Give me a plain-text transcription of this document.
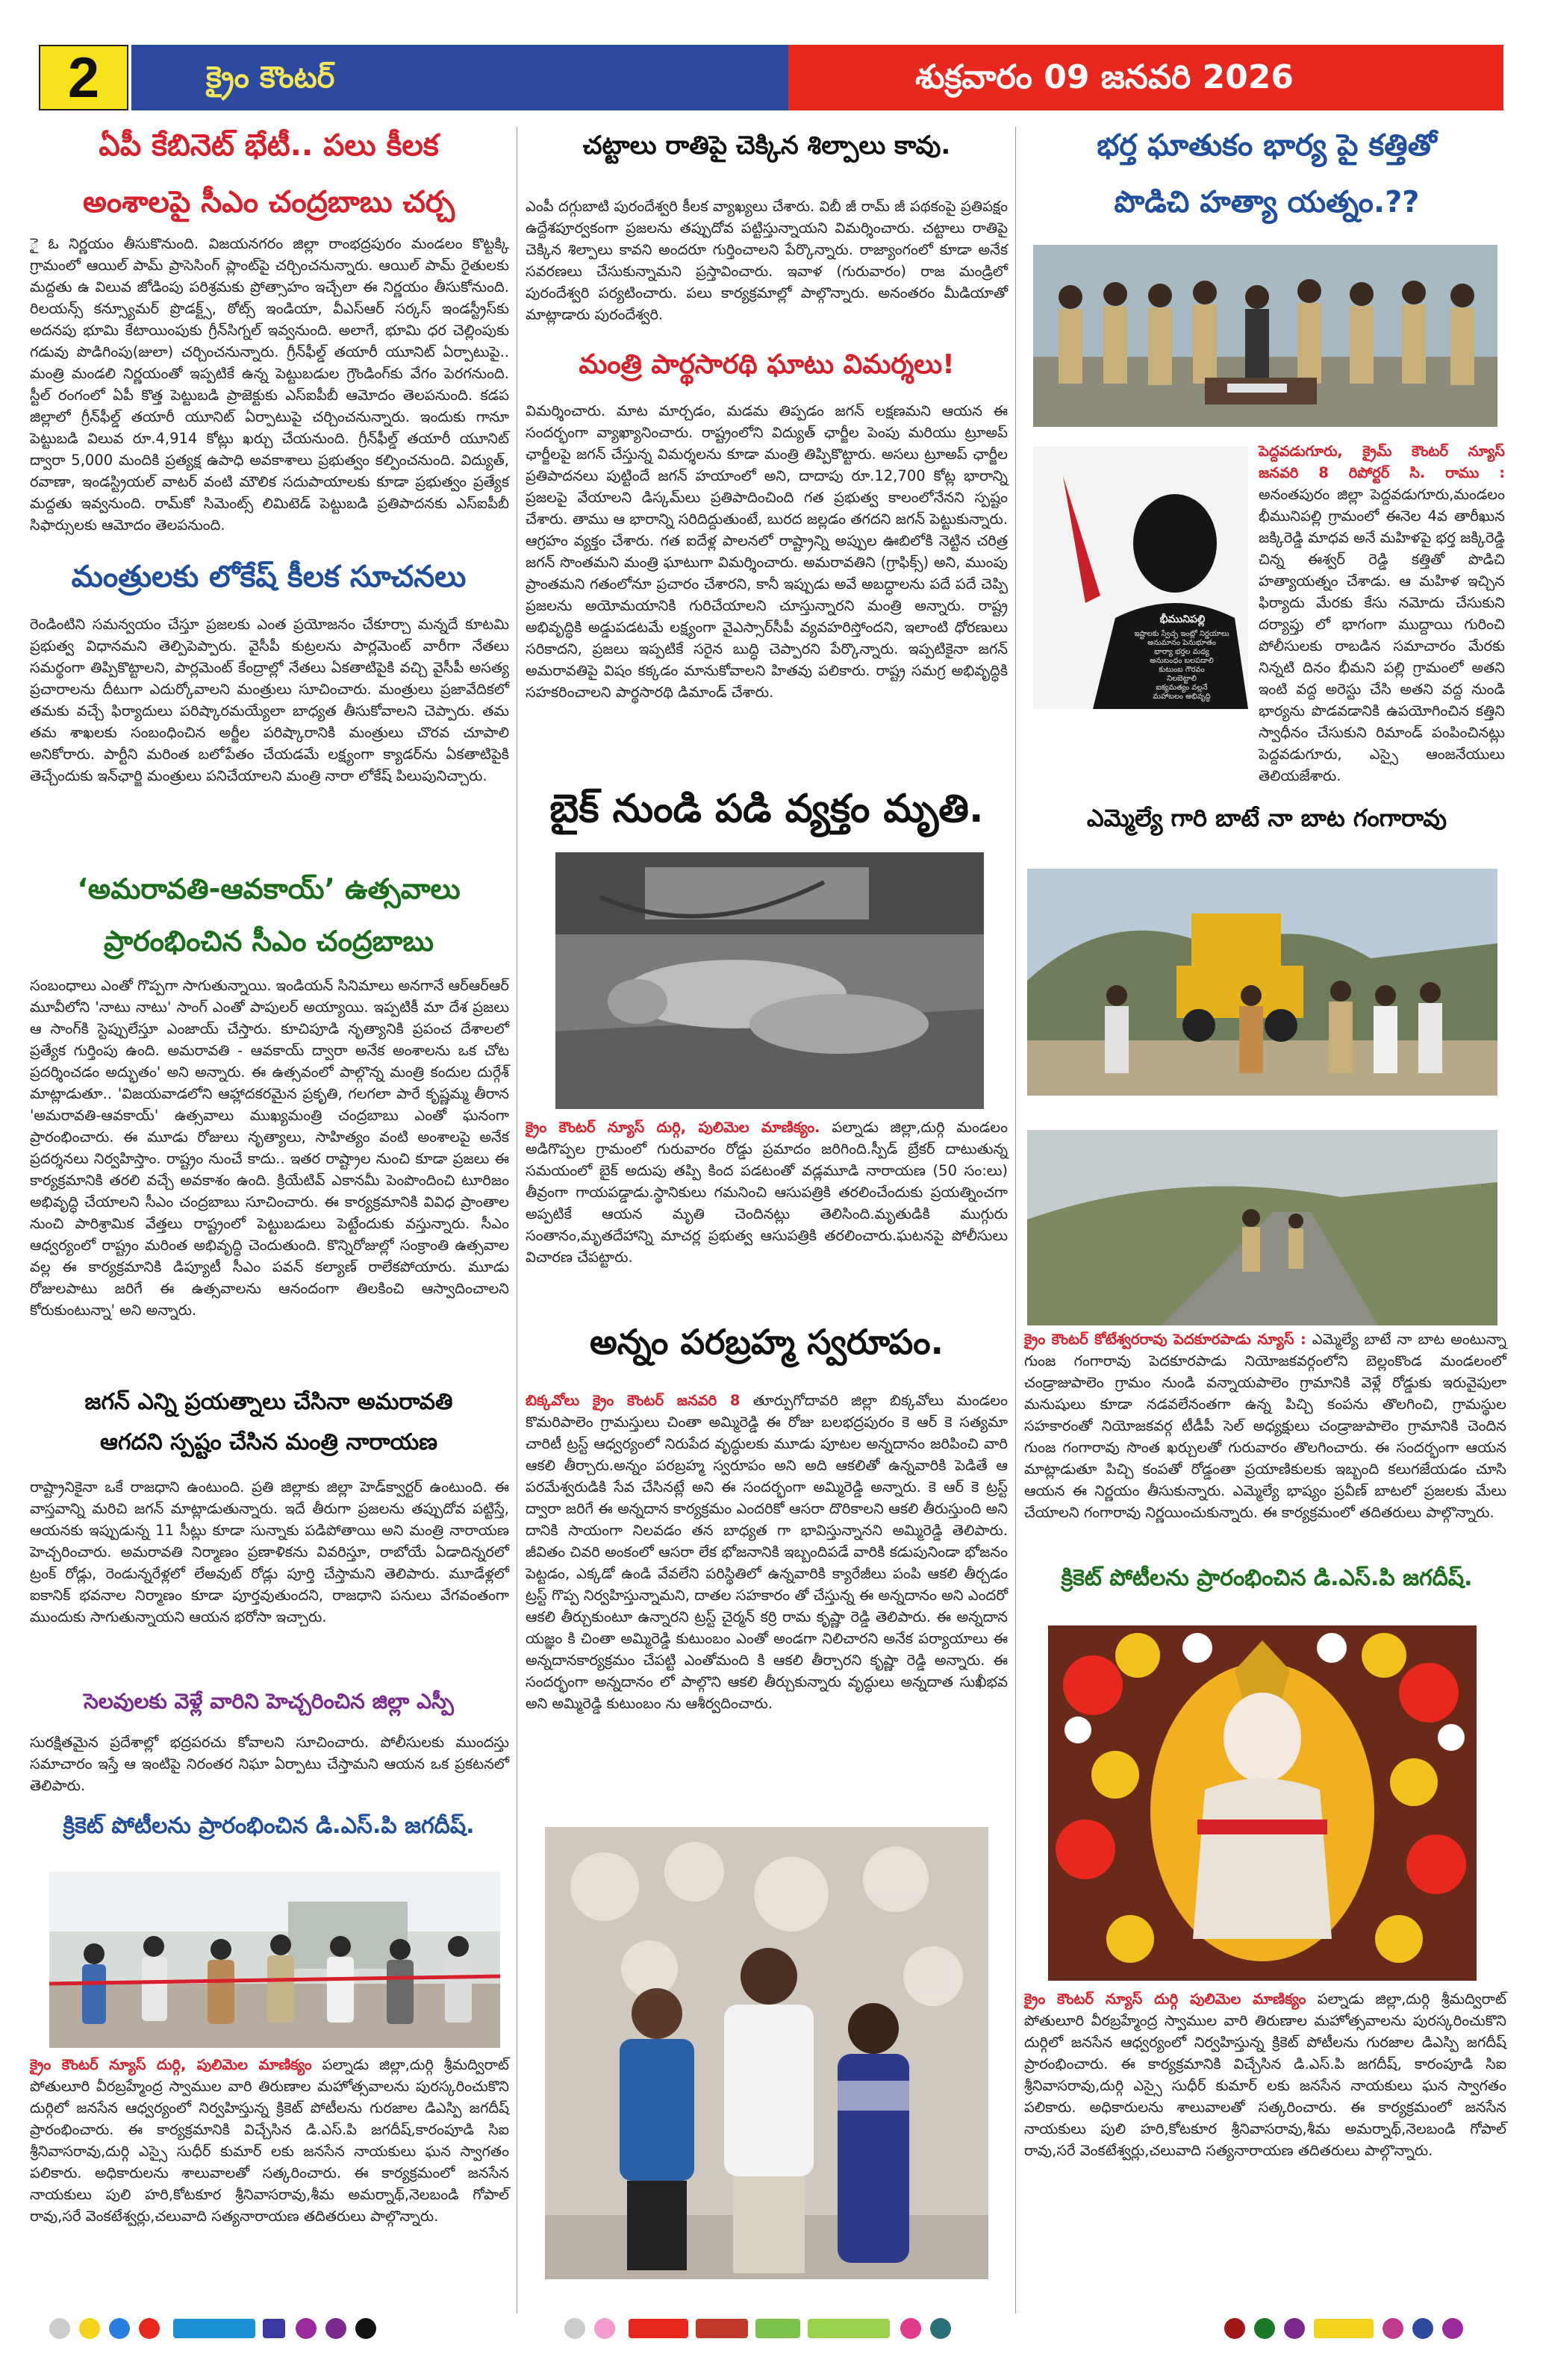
2	క్రైం కౌంటర్	శుక్రవారం 09 జనవరి 2026
ఏపీ కేబినెట్ భేటీ.. పలు కీలక
అంశాలపై సీఎం చంద్రబాబు చర్చ
ై ఓ నిర్ణయం తీసుకొనుంది. విజయనగరం జిల్లా రాంభద్రపురం మండలం కొట్టక్కి గ్రామంలో ఆయిల్ పామ్ ప్రాసెసింగ్ ప్లాంట్‌పై చర్చించనున్నారు. ఆయిల్ పామ్ రైతులకు మద్దతు ఉ విలువ జోడింపు పరిశ్రమకు ప్రోత్సాహం ఇచ్చేలా ఈ నిర్ణయం తీసుకోనుంది. రిలయన్స్ కన్స్యూమర్ ప్రొడక్ట్స్, ఠోట్స్ ఇండియా, వీఎస్‌ఆర్ సర్కస్ ఇండస్ట్రీస్‌కు అదనపు భూమి కేటాయింపుకు గ్రీన్‌సిగ్నల్ ఇవ్వనుంది. అలాగే, భూమి ధర చెల్లింపుకు గడువు పొడిగింపు(జులా) చర్చించనున్నారు. గ్రీన్‌ఫీల్డ్ తయారీ యూనిట్ ఏర్పాటుపై.. మంత్రి మండలి నిర్ణయంతో ఇప్పటికే ఉన్న పెట్టుబడుల గ్రౌండింగ్‌కు వేగం పెరగనుంది. స్టీల్ రంగంలో ఏపీ కొత్త పెట్టుబడి ప్రాజెక్టుకు ఎస్‌ఐపీబీ ఆమోదం తెలపనుంది. కడప జిల్లాలో గ్రీన్‌ఫీల్డ్ తయారీ యూనిట్ ఏర్పాటుపై చర్చించనున్నారు. ఇందుకు గానూ పెట్టుబడి విలువ రూ.4,914 కోట్లు ఖర్చు చేయనుంది. గ్రీన్‌ఫీల్డ్ తయారీ యూనిట్ ద్వారా 5,000 మందికి ప్రత్యక్ష ఉపాధి అవకాశాలు ప్రభుత్వం కల్పించనుంది. విద్యుత్, రవాణా, ఇండస్ట్రియల్ వాటర్ వంటి మౌలిక సదుపాయాలకు కూడా ప్రభుత్వం ప్రత్యేక మద్దతు ఇవ్వనుంది. రామ్‌కో సిమెంట్స్ లిమిటెడ్ పెట్టుబడి ప్రతిపాదనకు ఎస్‌ఐపీబీ సిఫార్సులకు ఆమోదం తెలపనుంది.
మంత్రులకు లోకేష్ కీలక సూచనలు
రెండింటిని సమన్వయం చేస్తూ ప్రజలకు ఎంత ప్రయోజనం చేకూర్చా మన్నదే కూటమి ప్రభుత్వ విధానమని తెల్పిపెప్పారు. వైసీపీ కుట్రలను పార్లమెంట్ వారీగా నేతలు సమర్థంగా తిప్పికొట్టాలని, పార్లమెంట్ కేంద్రాల్లో నేతలు ఏకతాటిపైకి వచ్చి వైసీపీ అసత్య ప్రచారాలను దీటుగా ఎదుర్కోవాలని మంత్రులు సూచించారు. మంత్రులు ప్రజావేదికలో తమకు వచ్చే ఫిర్యాదులు పరిష్కారమయ్యేలా బాధ్యత తీసుకోవాలని చెప్పారు. తమ తమ శాఖలకు సంబంధించిన అర్జీల పరిష్కారానికి మంత్రులు చొరవ చూపాలి అనికోరారు. పార్టీని మరింత బలోపేతం చేయడమే లక్ష్యంగా క్యాడర్‌ను ఏకతాటిపైకి తెచ్చేందుకు ఇన్‌ఛార్జి మంత్రులు పనిచేయాలని మంత్రి నారా లోకేష్ పిలుపునిచ్చారు.
‘అమరావతి-ఆవకాయ్’ ఉత్సవాలు
ప్రారంభించిన సీఎం చంద్రబాబు
సంబంధాలు ఎంతో గొప్పగా సాగుతున్నాయి. ఇండియన్ సినిమాలు అనగానే ఆర్‌ఆర్‌ఆర్ మూవీలోని 'నాటు నాటు' సాంగ్ ఎంతో పాపులర్ అయ్యాయి. ఇప్పటికీ మా దేశ ప్రజలు ఆ సాంగ్‌కి స్టెప్పులేస్తూ ఎంజాయ్ చేస్తారు. కూచిపూడి నృత్యానికి ప్రపంచ దేశాలలో ప్రత్యేక గుర్తింపు ఉంది. అమరావతి - ఆవకాయ్ ద్వారా అనేక అంశాలను ఒక చోట ప్రదర్శించడం అద్భుతం' అని అన్నారు. ఈ ఉత్సవంలో పాల్గొన్న మంత్రి కందుల దుర్గేశ్ మాట్లాడుతూ.. 'విజయవాడలోని ఆహ్లాదకరమైన ప్రకృతి, గలగలా పారే కృష్ణమ్మ తీరాన 'అమరావతి-ఆవకాయ్' ఉత్సవాలు ముఖ్యమంత్రి చంద్రబాబు ఎంతో ఘనంగా ప్రారంభించారు. ఈ మూడు రోజులు నృత్యాలు, సాహిత్యం వంటి అంశాలపై అనేక ప్రదర్శనలు నిర్వహిస్తాం. రాష్ట్రం నుంచే కాదు.. ఇతర రాష్ట్రాల నుంచి కూడా ప్రజలు ఈ కార్యక్రమానికి తరలి వచ్చే అవకాశం ఉంది. క్రియేటివ్ ఎకానమీ పెంపొందించి టూరిజం అభివృద్ధి చేయాలని సీఎం చంద్రబాబు సూచించారు. ఈ కార్యక్రమానికి వివిధ ప్రాంతాల నుంచి పారిశ్రామిక వేత్తలు రాష్ట్రంలో పెట్టుబడులు పెట్టేందుకు వస్తున్నారు. సీఎం ఆధ్వర్యంలో రాష్ట్రం మరింత అభివృద్ధి చెందుతుంది. కొన్నిరోజుల్లో సంక్రాంతి ఉత్సవాల వల్ల ఈ కార్యక్రమానికి డిప్యూటీ సీఎం పవన్ కల్యాణ్ రాలేకపోయారు. మూడు రోజులపాటు జరిగే ఈ ఉత్సవాలను ఆనందంగా తిలకించి ఆస్వాదించాలని కోరుకుంటున్నా' అని అన్నారు.
జగన్ ఎన్ని ప్రయత్నాలు చేసినా అమరావతి
ఆగదని స్పష్టం చేసిన మంత్రి నారాయణ
రాష్ట్రానికైనా ఒకే రాజధాని ఉంటుంది. ప్రతి జిల్లాకు జిల్లా హెడ్‌క్వార్టర్ ఉంటుంది. ఈ వాస్తవాన్ని మరిచి జగన్ మాట్లాడుతున్నారు. ఇదే తీరుగా ప్రజలను తప్పుదోవ పట్టిస్తే, ఆయనకు ఇప్పుడున్న 11 సీట్లు కూడా సున్నాకు పడిపోతాయి అని మంత్రి నారాయణ హెచ్చరించారు. అమరావతి నిర్మాణం ప్రణాళికను వివరిస్తూ, రాబోయే ఏడాదిన్నరలో ట్రంక్ రోడ్లు, రెండున్నరేళ్లలో లేఅవుట్ రోడ్లు పూర్తి చేస్తామని తెలిపారు. మూడేళ్లలో ఐకానిక్ భవనాల నిర్మాణం కూడా పూర్తవుతుందని, రాజధాని పనులు వేగవంతంగా ముందుకు సాగుతున్నాయని ఆయన భరోసా ఇచ్చారు.
సెలవులకు వెళ్లే వారిని హెచ్చరించిన జిల్లా ఎస్పీ
సురక్షితమైన ప్రదేశాల్లో భద్రపరచు కోవాలని సూచించారు. పోలీసులకు ముందస్తు సమాచారం ఇస్తే ఆ ఇంటిపై నిరంతర నిఘా ఏర్పాటు చేస్తామని ఆయన ఒక ప్రకటనలో తెలిపారు.
క్రికెట్ పోటీలను ప్రారంభించిన డి.ఎస్.పి జగదీష్.
క్రైం కౌంటర్ న్యూస్ దుర్గి, పులిమెల మాణిక్యం పల్నాడు జిల్లా,దుర్గి శ్రీమద్విరాట్ పోతులూరి వీరబ్రహ్మేంద్ర స్వాముల వారి తిరుణాల మహోత్సవాలను పురస్కరించుకొని దుర్గిలో జనసేన ఆధ్వర్యంలో నిర్వహిస్తున్న క్రికెట్ పోటీలను గురజాల డిఎస్పి జగదీష్ ప్రారంభించారు. ఈ కార్యక్రమానికి విచ్చేసిన డి.ఎస్.పి జగదీష్,కారంపూడి సిఐ శ్రీనివాసరావు,దుర్గి ఎస్సై సుధీర్ కుమార్ లకు జనసేన నాయకులు ఘన స్వాగతం పలికారు. అధికారులను శాలువాలతో సత్కరించారు. ఈ కార్యక్రమంలో జనసేన నాయకులు పులి హరి,కోటకూర శ్రీనివాసరావు,శీమ అమర్నాథ్,నెలబండి గోపాల్ రావు,సరే వెంకటేశ్వర్లు,చలువాది సత్యనారాయణ తదితరులు పాల్గొన్నారు.
చట్టాలు రాతిపై చెక్కిన శిల్పాలు కావు.
ఎంపీ దగ్గుబాటి పురందేశ్వరి కీలక వ్యాఖ్యలు చేశారు. విబీ జీ రామ్ జీ పథకంపై ప్రతిపక్షం ఉద్దేశపూర్వకంగా ప్రజలను తప్పుదోవ పట్టిస్తున్నాయని విమర్శించారు. చట్టాలు రాతిపై చెక్కిన శిల్పాలు కావని అందరూ గుర్తించాలని పేర్కొన్నారు. రాజ్యాంగంలో కూడా అనేక సవరణలు చేసుకున్నామని ప్రస్తావించారు. ఇవాళ (గురువారం) రాజ మండ్రిలో పురందేశ్వరి పర్యటించారు. పలు కార్యక్రమాల్లో పాల్గొన్నారు. అనంతరం మీడియాతో మాట్లాడారు పురందేశ్వరి.
మంత్రి పార్థసారథి ఘాటు విమర్శలు!
విమర్శించారు. మాట మార్చడం, మడమ తిప్పడం జగన్ లక్షణమని ఆయన ఈ సందర్భంగా వ్యాఖ్యానించారు. రాష్ట్రంలోని విద్యుత్ ఛార్జీల పెంపు మరియు ట్రూఅప్ ఛార్జీలపై జగన్ చేస్తున్న విమర్శలను కూడా మంత్రి తిప్పికొట్టారు. అసలు ట్రూఅప్ ఛార్జీల ప్రతిపాదనలు పుట్టిందే జగన్ హయాంలో అని, దాదాపు రూ.12,700 కోట్ల భారాన్ని ప్రజలపై వేయాలని డిస్కమ్‌లు ప్రతిపాదించింది గత ప్రభుత్వ కాలంలోనేనని స్పష్టం చేశారు. తాము ఆ భారాన్ని సరిదిద్దుతుంటే, బురద జల్లడం తగదని జగన్ పెట్టుకున్నారు. ఆగ్రహం వ్యక్తం చేశారు. గత ఐదేళ్ల పాలనలో రాష్ట్రాన్ని అప్పుల ఊబిలోకి నెట్టిన చరిత్ర జగన్ సొంతమని మంత్రి ఘాటుగా విమర్శించారు. అమరావతిని (గ్రాఫిక్స్) అని, ముంపు ప్రాంతమని గతంలోనూ ప్రచారం చేశారని, కానీ ఇప్పుడు అవే అబద్ధాలను పదే పదే చెప్పి ప్రజలను అయోమయానికి గురిచేయాలని చూస్తున్నారని మంత్రి అన్నారు. రాష్ట్ర అభివృద్ధికి అడ్డుపడటమే లక్ష్యంగా వైఎస్సార్‌సీపీ వ్యవహరిస్తోందని, ఇలాంటి ధోరణులు సరికాదని, ప్రజలు ఇప్పటికే సరైన బుద్ధి చెప్పారని పేర్కొన్నారు. ఇప్పటికైనా జగన్ అమరావతిపై విషం కక్కడం మానుకోవాలని హితవు పలికారు. రాష్ట్ర సమగ్ర అభివృద్ధికి సహకరించాలని పార్థసారథి డిమాండ్ చేశారు.
బైక్ నుండి పడి వ్యక్తం మృతి.
క్రైం కౌంటర్ న్యూస్ దుర్గి, పులిమెల మాణిక్యం. పల్నాడు జిల్లా,దుర్గి మండలం అడిగొప్పల గ్రామంలో గురువారం రోడ్డు ప్రమాదం జరిగింది.స్పీడ్ బ్రేకర్ దాటుతున్న సమయంలో బైక్ అదుపు తప్పి కింద పడటంతో వడ్లమూడి నారాయణ (50 సం:లు) తీవ్రంగా గాయపడ్డాడు.స్థానికులు గమనించి ఆసుపత్రికి తరలించేందుకు ప్రయత్నించగా అప్పటికే ఆయన మృతి చెందినట్లు తెలిసింది.మృతుడికి ముగ్గురు సంతానం,మృతదేహాన్ని మాచర్ల ప్రభుత్వ ఆసుపత్రికి తరలించారు.ఘటనపై పోలీసులు విచారణ చేపట్టారు.
అన్నం పరబ్రహ్మ స్వరూపం.
బిక్కవోలు క్రైం కౌంటర్ జనవరి 8 తూర్పుగోదావరి జిల్లా బిక్కవోలు మండలం కొమరిపాలెం గ్రామస్తులు చింతా అమ్మిరెడ్డి ఈ రోజు బలభద్రపురం కె ఆర్ కె సత్యమా చారిటీ ట్రస్ట్ ఆధ్వర్యంలో నిరుపేద వృద్ధులకు మూడు పూటల అన్నదానం జరిపించి వారి ఆకలి తీర్చారు.అన్నం పరబ్రహ్మ స్వరూపం అని అది ఆకలితో ఉన్నవారికి పెడితే ఆ పరమేశ్వరుడికి సేవ చేసినట్లే అని ఈ సందర్భంగా అమ్మిరెడ్డి అన్నారు. కె ఆర్ కె ట్రస్ట్ ద్వారా జరిగే ఈ అన్నదాన కార్యక్రమం ఎందరికో ఆసరా దొరికాలని ఆకలి తీరుస్తుంది అని దానికి సాయంగా నిలవడం తన బాధ్యత గా భావిస్తున్నానని అమ్మిరెడ్డి తెలిపారు. జీవితం చివరి అంకంలో ఆసరా లేక భోజనానికి ఇబ్బందిపడే వారికి కడుపునిండా భోజనం పెట్టడం, ఎక్కడో ఉండి వేవలేని పరిస్థితిలో ఉన్నవారికి క్యారేజీలు పంపి ఆకలి తీర్చడం ట్రస్ట్ గొప్ప నిర్వహిస్తున్నామని, దాతల సహకారం తో చేస్తున్న ఈ అన్నదానం అని ఎందరో ఆకలి తీర్చుకుంటూ ఉన్నారని ట్రస్ట్ చైర్మన్ కర్రి రామ కృష్ణా రెడ్డి తెలిపారు. ఈ అన్నదాన యజ్ఞం కి చింతా అమ్మిరెడ్డి కుటుంబం ఎంతో అండగా నిలిచారని అనేక పర్యాయాలు ఈ అన్నదానకార్యక్రమం చేపట్టి ఎంతోమంది కి ఆకలి తీర్చారని కృష్ణా రెడ్డి అన్నారు. ఈ సందర్భంగా అన్నదానం లో పాల్గొని ఆకలి తీర్చుకున్నారు వృద్ధులు అన్నదాత సుఖీభవ అని అమ్మిరెడ్డి కుటుంబం ను ఆశీర్వదించారు.
భర్త ఘాతుకం భార్య పై కత్తితో
పొడిచి హత్యా యత్నం.??
భీమునిపల్లి
ఇష్టాలకు స్వేచ్ఛ ఇంట్లో నిర్ణయాలు
అనుమానం పెనుభూతం
భార్యా భర్తల మధ్య
అనుబంధం బలపడాలి
కుటుంబ గౌరవం
నిలబెట్టాలి
ఐక్యమత్యం వల్లనే
మహాబలం అభివృద్ధి
పెద్దవడుగూరు, క్రైమ్ కౌంటర్ న్యూస్ జనవరి 8 రిపోర్టర్ సి. రాము : అనంతపురం జిల్లా పెద్దవడుగూరు,మండలం భీమునిపల్లి గ్రామంలో ఈనెల 4వ తారీఖున జక్కిరెడ్డి మాధవ అనే మహిళపై భర్త జక్కిరెడ్డి చిన్న ఈశ్వర్ రెడ్డి కత్తితో పొడిచి హత్యాయత్నం చేశాడు. ఆ మహిళ ఇచ్చిన ఫిర్యాదు మేరకు కేసు నమోదు చేసుకుని దర్యాప్తు లో భాగంగా ముద్దాయి గురించి పోలీసులకు రాబడిన సమాచారం మేరకు నిన్నటి దినం భీమని పల్లి గ్రామంలో అతని ఇంటి వద్ద అరెస్టు చేసి అతని వద్ద నుండి భార్యను పొడవడానికి ఉపయోగించిన కత్తిని స్వాధీనం చేసుకుని రిమాండ్ పంపించినట్లు పెద్దవడుగూరు, ఎస్సై ఆంజనేయులు తెలియజేశారు.
ఎమ్మెల్యే గారి బాటే నా బాట గంగారావు
క్రైం కౌంటర్ కోటేశ్వరరావు పెదకూరపాడు న్యూస్ : ఎమ్మెల్యే బాటే నా బాట అంటున్నా గుంజ గంగారావు పెదకూరపాడు నియోజకవర్గంలోని బెల్లంకొండ మండలంలో చండ్రాజుపాలెం గ్రామం నుండి వన్నాయపాలెం గ్రామానికి వెళ్లే రోడ్డుకు ఇరువైపులా మనుషులు కూడా నడవలేనంతగా ఉన్న పిచ్చి కంపను తొలగించి, గ్రామస్థుల సహకారంతో నియోజకవర్గ టీడీపీ సెల్ అధ్యక్షులు చండ్రాజుపాలెం గ్రామానికి చెందిన గుంజ గంగారావు సొంత ఖర్చులతో గురువారం తొలగించారు. ఈ సందర్భంగా ఆయన మాట్లాడుతూ పిచ్చి కంపతో రోడ్డంతా ప్రయాణికులకు ఇబ్బంది కలుగజేయడం చూసి ఆయన ఈ నిర్ణయం తీసుకున్నారు. ఎమ్మెల్యే భాష్యం ప్రవీణ్ బాటలో ప్రజలకు మేలు చేయాలని గంగారావు నిర్ణయించుకున్నారు. ఈ కార్యక్రమంలో తదితరులు పాల్గొన్నారు.
క్రికెట్ పోటీలను ప్రారంభించిన డి.ఎస్.పి జగదీష్.
క్రైం కౌంటర్ న్యూస్ దుర్గి పులిమెల మాణిక్యం పల్నాడు జిల్లా,దుర్గి శ్రీమద్విరాట్ పోతులూరి వీరబ్రహ్మేంద్ర స్వాముల వారి తిరుణాల మహోత్సవాలను పురస్కరించుకొని దుర్గిలో జనసేన ఆధ్వర్యంలో నిర్వహిస్తున్న క్రికెట్ పోటీలను గురజాల డిఎస్పి జగదీష్ ప్రారంభించారు. ఈ కార్యక్రమానికి విచ్చేసిన డి.ఎస్.పి జగదీష్, కారంపూడి సిఐ శ్రీనివాసరావు,దుర్గి ఎస్సై సుధీర్ కుమార్ లకు జనసేన నాయకులు ఘన స్వాగతం పలికారు. అధికారులను శాలువాలతో సత్కరించారు. ఈ కార్యక్రమంలో జనసేన నాయకులు పులి హరి,కోటకూర శ్రీనివాసరావు,శీమ అమర్నాథ్,నెలబండి గోపాల్ రావు,సరే వెంకటేశ్వర్లు,చలువాది సత్యనారాయణ తదితరులు పాల్గొన్నారు.
